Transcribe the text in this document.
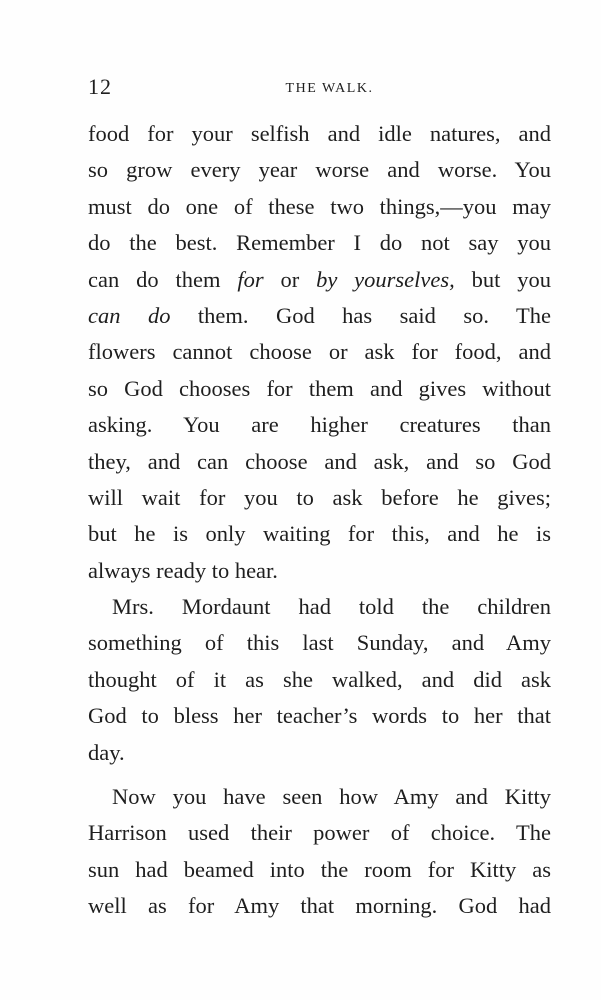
12	THE WALK.
food for your selfish and idle natures, and
so grow every year worse and worse. You
must do one of these two things,—you may
do the best. Remember I do not say you
can do them for or by yourselves, but you
can do them. God has said so. The
flowers cannot choose or ask for food, and
so God chooses for them and gives without
asking. You are higher creatures than
they, and can choose and ask, and so God
will wait for you to ask before he gives;
but he is only waiting for this, and he is
always ready to hear.
Mrs. Mordaunt had told the children
something of this last Sunday, and Amy
thought of it as she walked, and did ask
God to bless her teacher’s words to her that
day.
Now you have seen how Amy and Kitty
Harrison used their power of choice. The
sun had beamed into the room for Kitty as
well as for Amy that morning. God had
